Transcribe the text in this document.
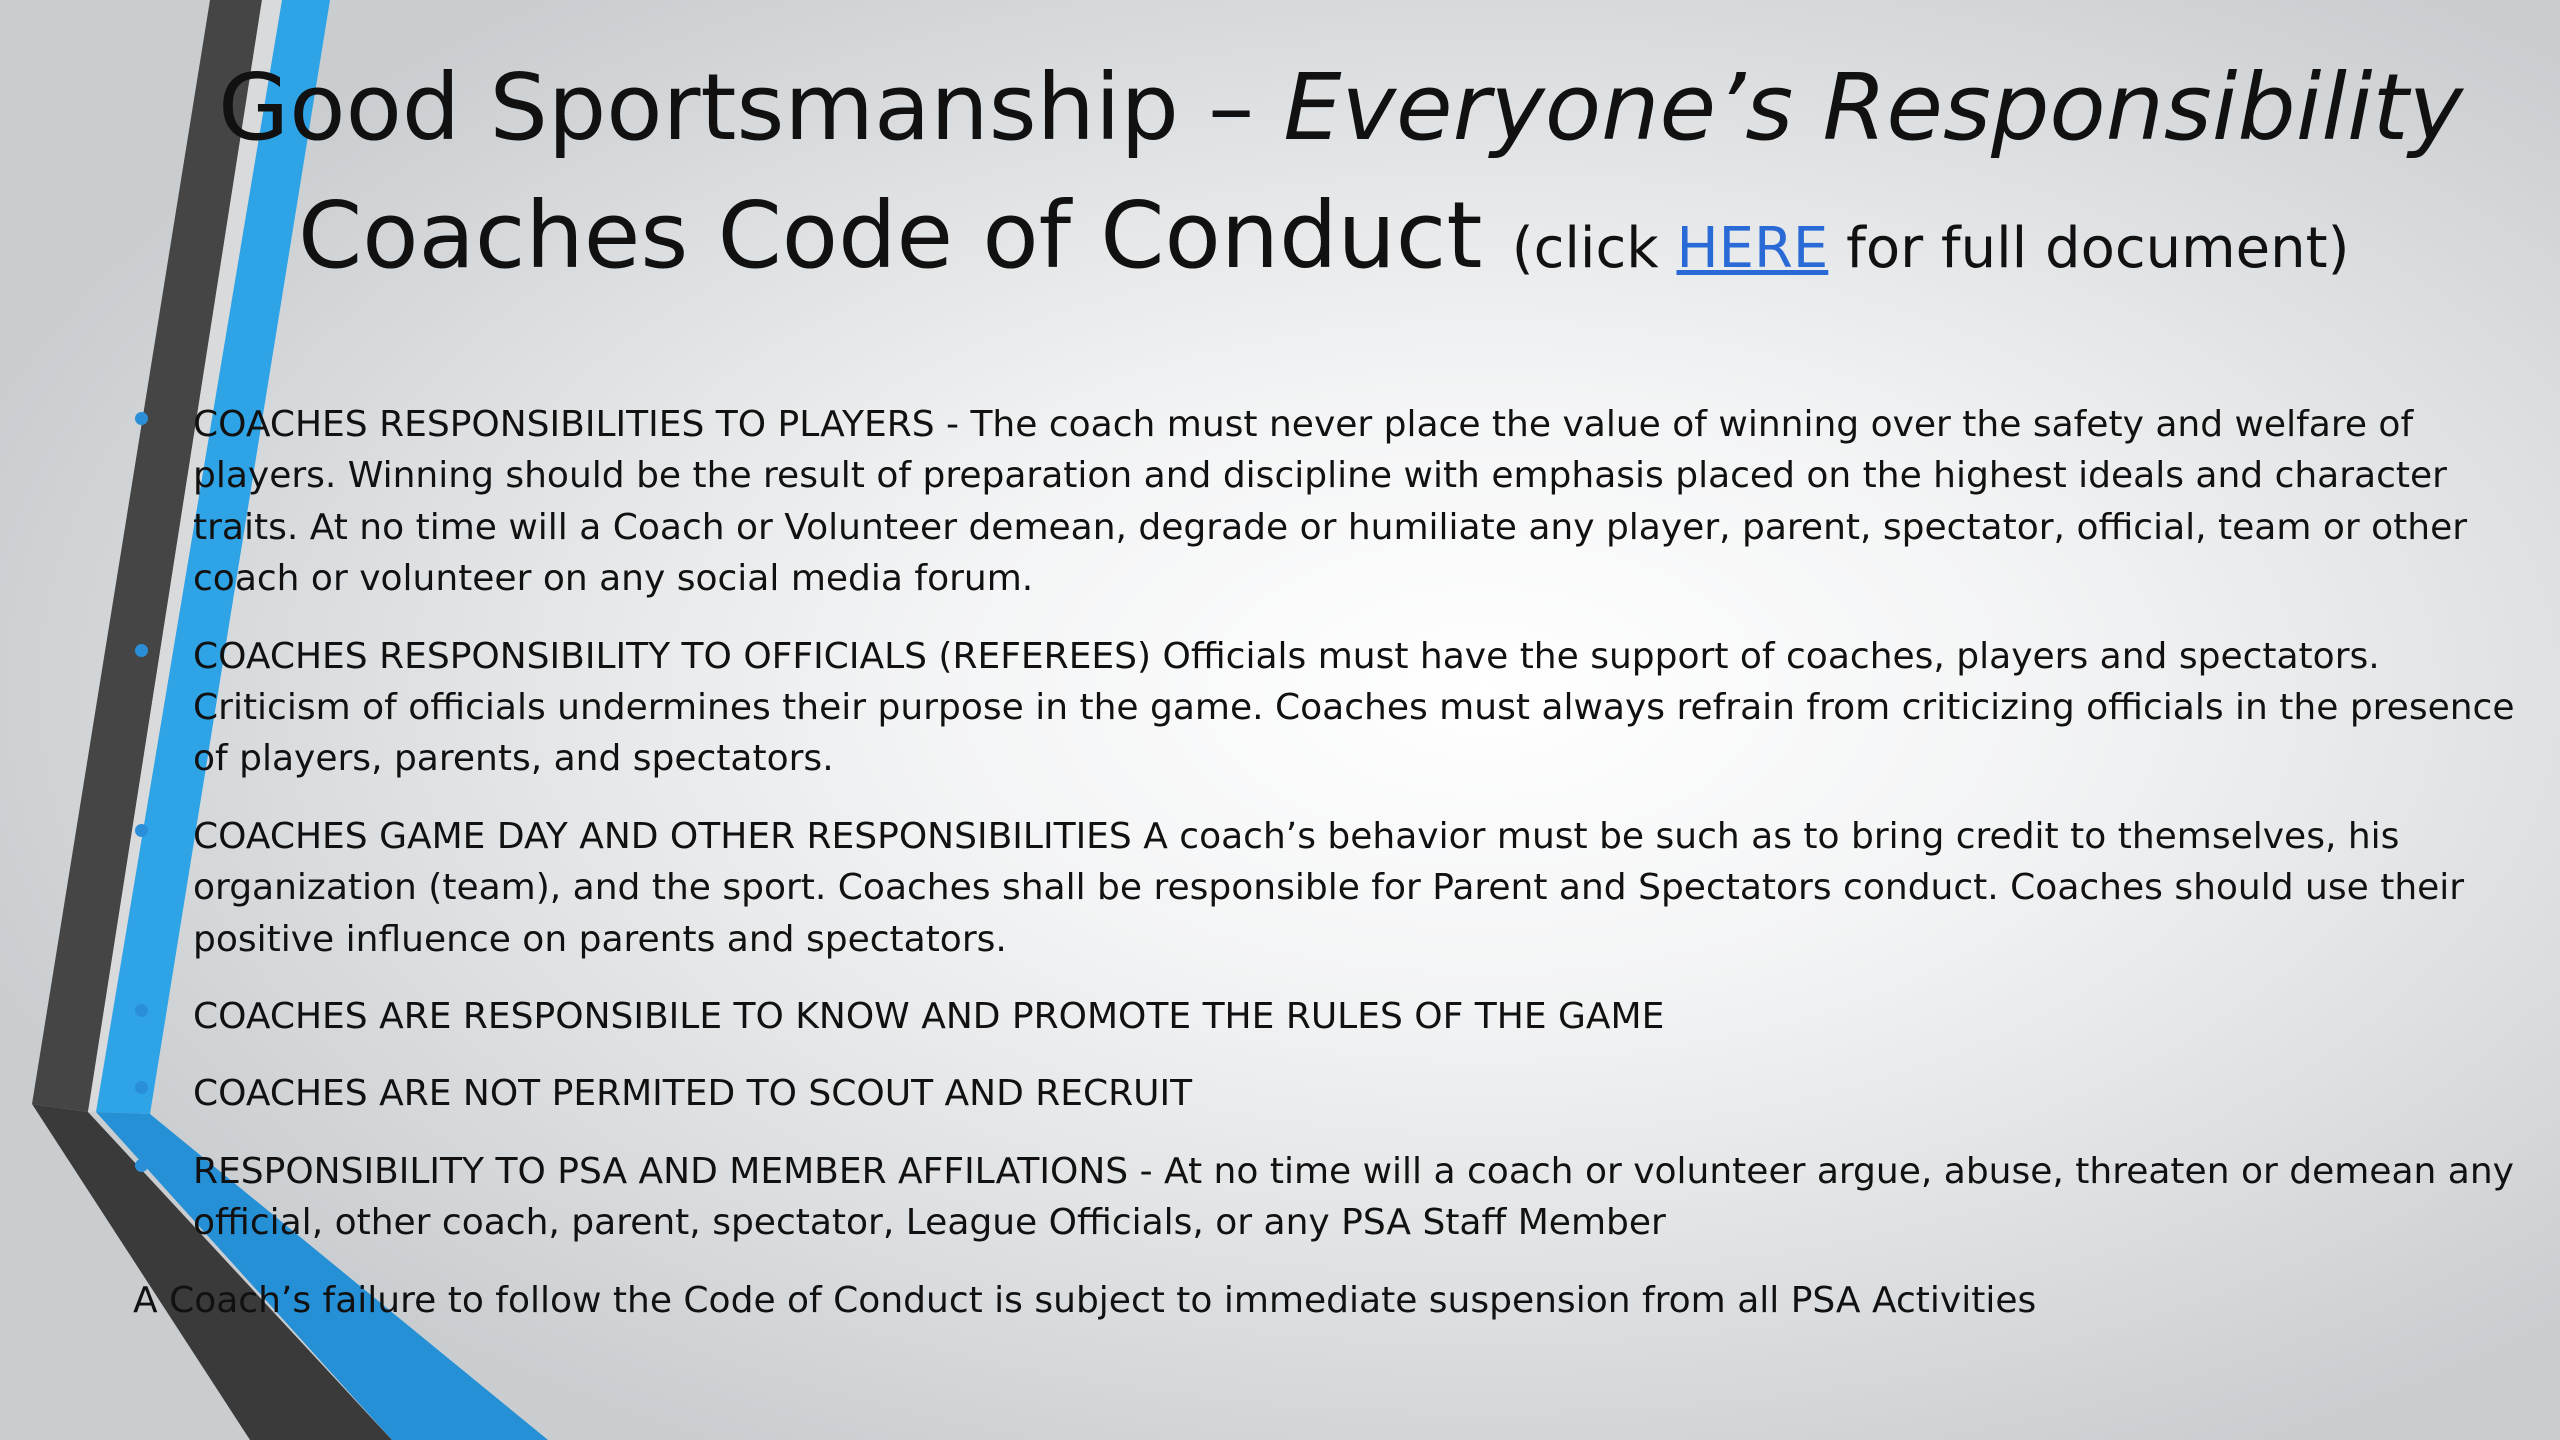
Good Sportsmanship – Everyone’s Responsibility
Coaches Code of Conduct (click HERE for full document)
COACHES RESPONSIBILITIES TO PLAYERS - The coach must never place the value of winning over the safety and welfare of players. Winning should be the result of preparation and discipline with emphasis placed on the highest ideals and character traits. At no time will a Coach or Volunteer demean, degrade or humiliate any player, parent, spectator, official, team or other coach or volunteer on any social media forum.
COACHES RESPONSIBILITY TO OFFICIALS (REFEREES) Officials must have the support of coaches, players and spectators. Criticism of officials undermines their purpose in the game. Coaches must always refrain from criticizing officials in the presence of players, parents, and spectators.
COACHES GAME DAY AND OTHER RESPONSIBILITIES A coach’s behavior must be such as to bring credit to themselves, his organization (team), and the sport. Coaches shall be responsible for Parent and Spectators conduct. Coaches should use their positive influence on parents and spectators.
COACHES ARE RESPONSIBILE TO KNOW AND PROMOTE THE RULES OF THE GAME
COACHES ARE NOT PERMITED TO SCOUT AND RECRUIT
RESPONSIBILITY TO PSA AND MEMBER AFFILATIONS - At no time will a coach or volunteer argue, abuse, threaten or demean any official, other coach, parent, spectator, League Officials, or any PSA Staff Member

A Coach’s failure to follow the Code of Conduct is subject to immediate suspension from all PSA Activities
